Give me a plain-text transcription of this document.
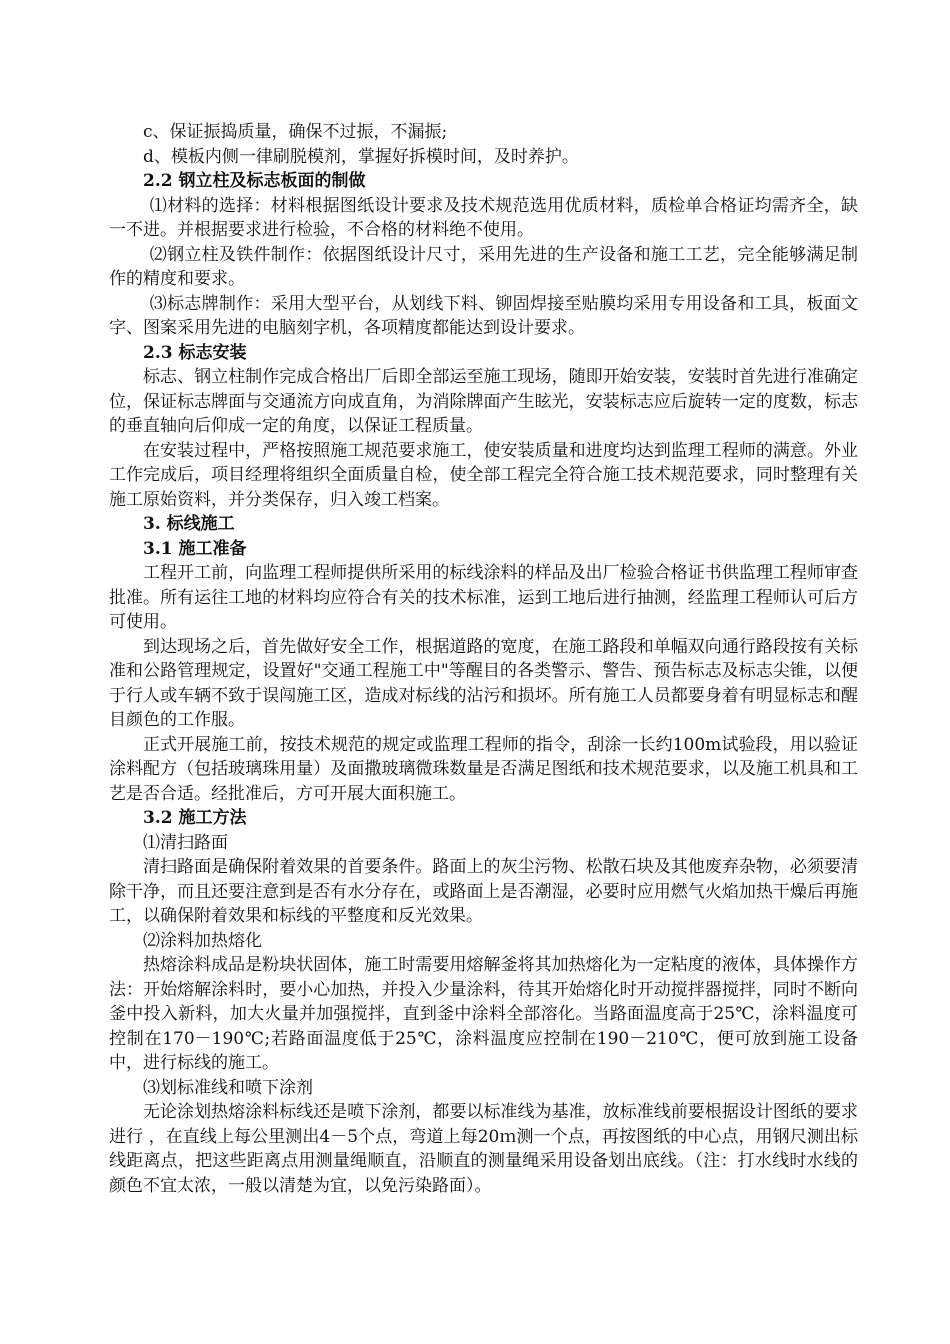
c、保证振捣质量，确保不过振，不漏振;

d、模板内侧一律刷脱模剂，掌握好拆模时间，及时养护。

2.2 钢立柱及标志板面的制做

⑴材料的选择：材料根据图纸设计要求及技术规范选用优质材料，质检单合格证均需齐全，缺一不进。并根据要求进行检验，不合格的材料绝不使用。

⑵钢立柱及铁件制作：依据图纸设计尺寸，采用先进的生产设备和施工工艺，完全能够满足制作的精度和要求。

⑶标志牌制作：采用大型平台，从划线下料、铆固焊接至贴膜均采用专用设备和工具，板面文字、图案采用先进的电脑刻字机，各项精度都能达到设计要求。

2.3 标志安装

标志、钢立柱制作完成合格出厂后即全部运至施工现场，随即开始安装，安装时首先进行准确定位，保证标志牌面与交通流方向成直角，为消除牌面产生眩光，安装标志应后旋转一定的度数，标志的垂直轴向后仰成一定的角度，以保证工程质量。

在安装过程中，严格按照施工规范要求施工，使安装质量和进度均达到监理工程师的满意。外业工作完成后，项目经理将组织全面质量自检，使全部工程完全符合施工技术规范要求，同时整理有关施工原始资料，并分类保存，归入竣工档案。

3. 标线施工

3.1 施工准备

工程开工前，向监理工程师提供所采用的标线涂料的样品及出厂检验合格证书供监理工程师审查批准。所有运往工地的材料均应符合有关的技术标准，运到工地后进行抽测，经监理工程师认可后方可使用。

到达现场之后，首先做好安全工作，根据道路的宽度，在施工路段和单幅双向通行路段按有关标准和公路管理规定，设置好"交通工程施工中"等醒目的各类警示、警告、预告标志及标志尖锥，以便于行人或车辆不致于误闯施工区，造成对标线的沾污和损坏。所有施工人员都要身着有明显标志和醒目颜色的工作服。

正式开展施工前，按技术规范的规定或监理工程师的指令，刮涂一长约100m试验段，用以验证涂料配方（包括玻璃珠用量）及面撒玻璃微珠数量是否满足图纸和技术规范要求，以及施工机具和工艺是否合适。经批准后，方可开展大面积施工。

3.2 施工方法

⑴清扫路面

清扫路面是确保附着效果的首要条件。路面上的灰尘污物、松散石块及其他废弃杂物，必须要清除干净，而且还要注意到是否有水分存在，或路面上是否潮湿，必要时应用燃气火焰加热干燥后再施工，以确保附着效果和标线的平整度和反光效果。

⑵涂料加热熔化

热熔涂料成品是粉块状固体，施工时需要用熔解釜将其加热熔化为一定粘度的液体，具体操作方法：开始熔解涂料时，要小心加热，并投入少量涂料，待其开始熔化时开动搅拌器搅拌，同时不断向釜中投入新料，加大火量并加强搅拌，直到釜中涂料全部溶化。当路面温度高于25℃，涂料温度可控制在170－190℃;若路面温度低于25℃，涂料温度应控制在190－210℃，便可放到施工设备中，进行标线的施工。

⑶划标准线和喷下涂剂

无论涂划热熔涂料标线还是喷下涂剂，都要以标准线为基准，放标准线前要根据设计图纸的要求进行 ，在直线上每公里测出4－5个点，弯道上每20ｍ测一个点，再按图纸的中心点，用钢尺测出标线距离点，把这些距离点用测量绳顺直，沿顺直的测量绳采用设备划出底线。（注：打水线时水线的颜色不宜太浓，一般以清楚为宜，以免污染路面）。
